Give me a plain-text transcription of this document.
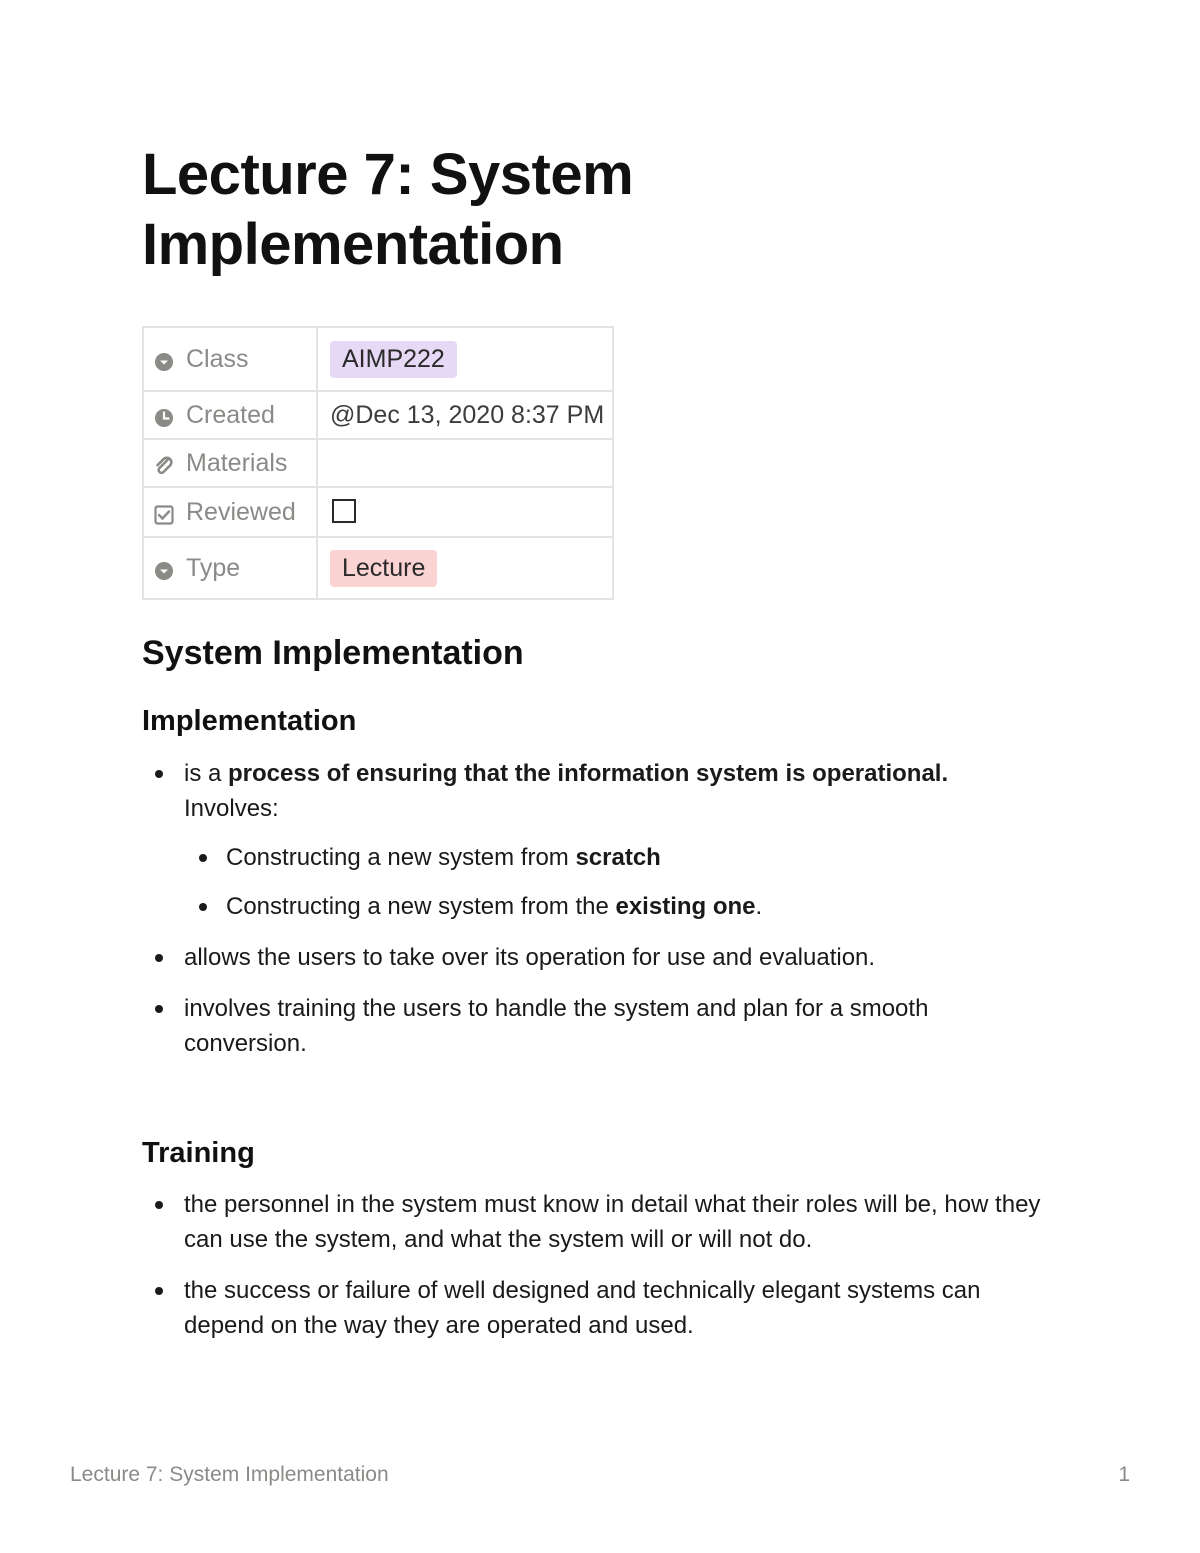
Lecture 7: System Implementation
Class	AIMP222

Created	@Dec 13, 2020 8:37 PM

Materials	

Reviewed	

Type	Lecture
System Implementation
Implementation
is a process of ensuring that the information system is operational.
Involves:
Constructing a new system from scratch
Constructing a new system from the existing one.
allows the users to take over its operation for use and evaluation.
involves training the users to handle the system and plan for a smooth conversion.
Training
the personnel in the system must know in detail what their roles will be, how they can use the system, and what the system will or will not do.
the success or failure of well designed and technically elegant systems can depend on the way they are operated and used.
Lecture 7: System Implementation	1
